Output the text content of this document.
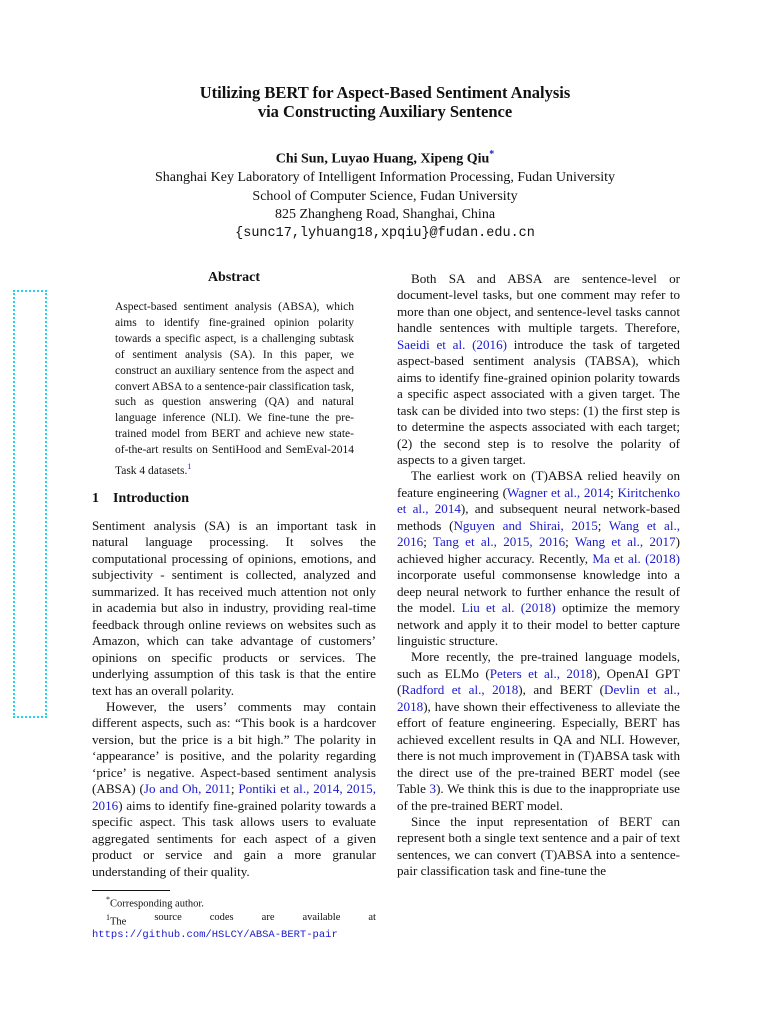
Utilizing BERT for Aspect-Based Sentiment Analysis
via Constructing Auxiliary Sentence
Chi Sun, Luyao Huang, Xipeng Qiu*
Shanghai Key Laboratory of Intelligent Information Processing, Fudan University
School of Computer Science, Fudan University
825 Zhangheng Road, Shanghai, China
{sunc17,lyhuang18,xpqiu}@fudan.edu.cn
Abstract
Aspect-based sentiment analysis (ABSA), which aims to identify fine-grained opinion polarity towards a specific aspect, is a challenging subtask of sentiment analysis (SA). In this paper, we construct an auxiliary sentence from the aspect and convert ABSA to a sentence-pair classification task, such as question answering (QA) and natural language inference (NLI). We fine-tune the pre-trained model from BERT and achieve new state-of-the-art results on SentiHood and SemEval-2014 Task 4 datasets.$^1$
1 Introduction

Sentiment analysis (SA) is an important task in natural language processing. It solves the computational processing of opinions, emotions, and subjectivity - sentiment is collected, analyzed and summarized. It has received much attention not only in academia but also in industry, providing real-time feedback through online reviews on websites such as Amazon, which can take advantage of customers’ opinions on specific products or services. The underlying assumption of this task is that the entire text has an overall polarity.

However, the users’ comments may contain different aspects, such as: “This book is a hardcover version, but the price is a bit high.” The polarity in ‘appearance’ is positive, and the polarity regarding ‘price’ is negative. Aspect-based sentiment analysis (ABSA) (Jo and Oh, 2011; Pontiki et al., 2014, 2015, 2016) aims to identify fine-grained polarity towards a specific aspect. This task allows users to evaluate aggregated sentiments for each aspect of a given product or service and gain a more granular understanding of their quality.

*Corresponding author.

$^1$The	source	codes	are	available	at
https://github.com/HSLCY/ABSA-BERT-pair

Both SA and ABSA are sentence-level or document-level tasks, but one comment may refer to more than one object, and sentence-level tasks cannot handle sentences with multiple targets. Therefore, Saeidi et al. (2016) introduce the task of targeted aspect-based sentiment analysis (TABSA), which aims to identify fine-grained opinion polarity towards a specific aspect associated with a given target. The task can be divided into two steps: (1) the first step is to determine the aspects associated with each target; (2) the second step is to resolve the polarity of aspects to a given target.

The earliest work on (T)ABSA relied heavily on feature engineering (Wagner et al., 2014; Kiritchenko et al., 2014), and subsequent neural network-based methods (Nguyen and Shirai, 2015; Wang et al., 2016; Tang et al., 2015, 2016; Wang et al., 2017) achieved higher accuracy. Recently, Ma et al. (2018) incorporate useful commonsense knowledge into a deep neural network to further enhance the result of the model. Liu et al. (2018) optimize the memory network and apply it to their model to better capture linguistic structure.

More recently, the pre-trained language models, such as ELMo (Peters et al., 2018), OpenAI GPT (Radford et al., 2018), and BERT (Devlin et al., 2018), have shown their effectiveness to alleviate the effort of feature engineering. Especially, BERT has achieved excellent results in QA and NLI. However, there is not much improvement in (T)ABSA task with the direct use of the pre-trained BERT model (see Table 3). We think this is due to the inappropriate use of the pre-trained BERT model.

Since the input representation of BERT can represent both a single text sentence and a pair of text sentences, we can convert (T)ABSA into a sentence-pair classification task and fine-tune the
